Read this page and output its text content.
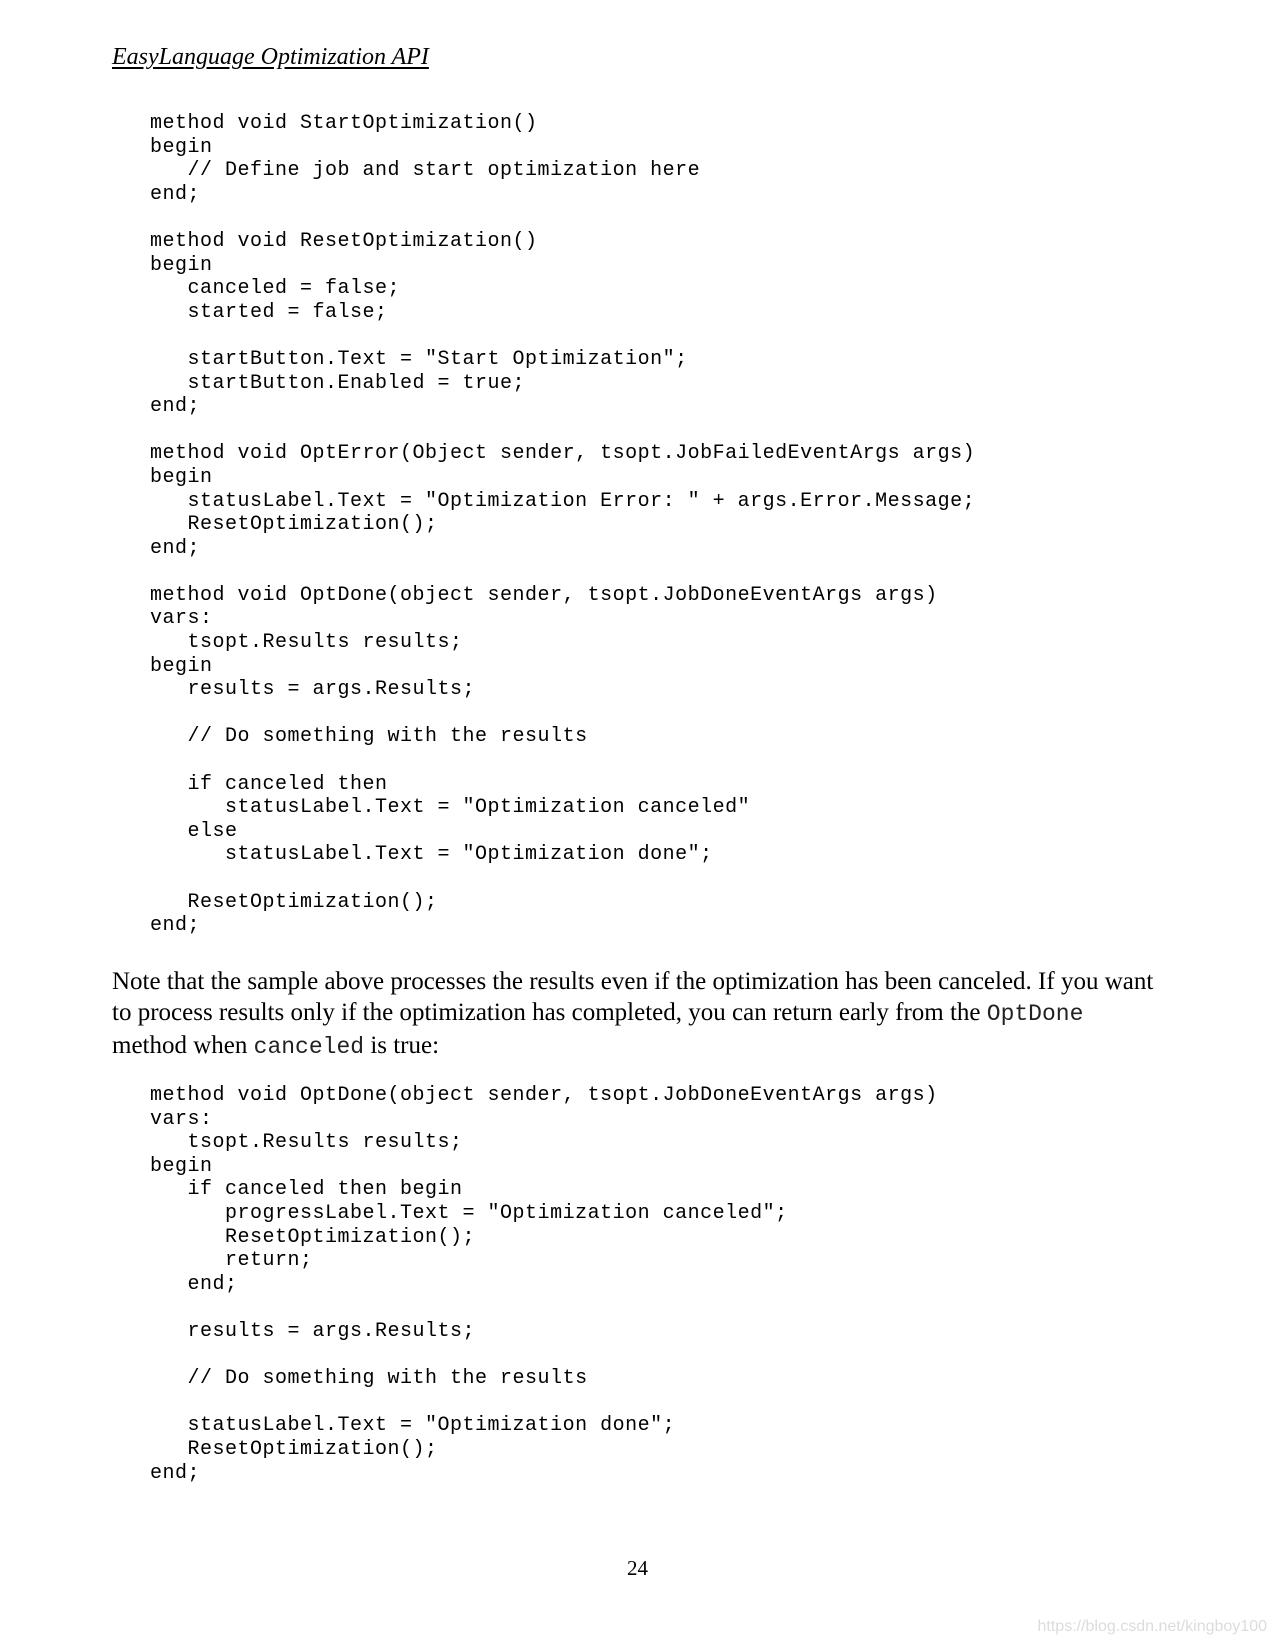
EasyLanguage Optimization API
method void StartOptimization()
begin
// Define job and start optimization here
end;
method void ResetOptimization()
begin
canceled = false;
started = false;
startButton.Text = "Start Optimization";
startButton.Enabled = true;
end;
method void OptError(Object sender, tsopt.JobFailedEventArgs args)
begin
statusLabel.Text = "Optimization Error: " + args.Error.Message;
ResetOptimization();
end;
method void OptDone(object sender, tsopt.JobDoneEventArgs args)
vars:
tsopt.Results results;
begin
results = args.Results;
// Do something with the results
if canceled then
statusLabel.Text = "Optimization canceled"
else
statusLabel.Text = "Optimization done";
ResetOptimization();
end;

Note that the sample above processes the results even if the optimization has been canceled. If you want
to process results only if the optimization has completed, you can return early from the OptDone
method when canceled is true:

method void OptDone(object sender, tsopt.JobDoneEventArgs args)
vars:
tsopt.Results results;
begin
if canceled then begin
progressLabel.Text = "Optimization canceled";
ResetOptimization();
return;
end;
results = args.Results;
// Do something with the results
statusLabel.Text = "Optimization done";
ResetOptimization();
end;
24
https://blog.csdn.net/kingboy100
